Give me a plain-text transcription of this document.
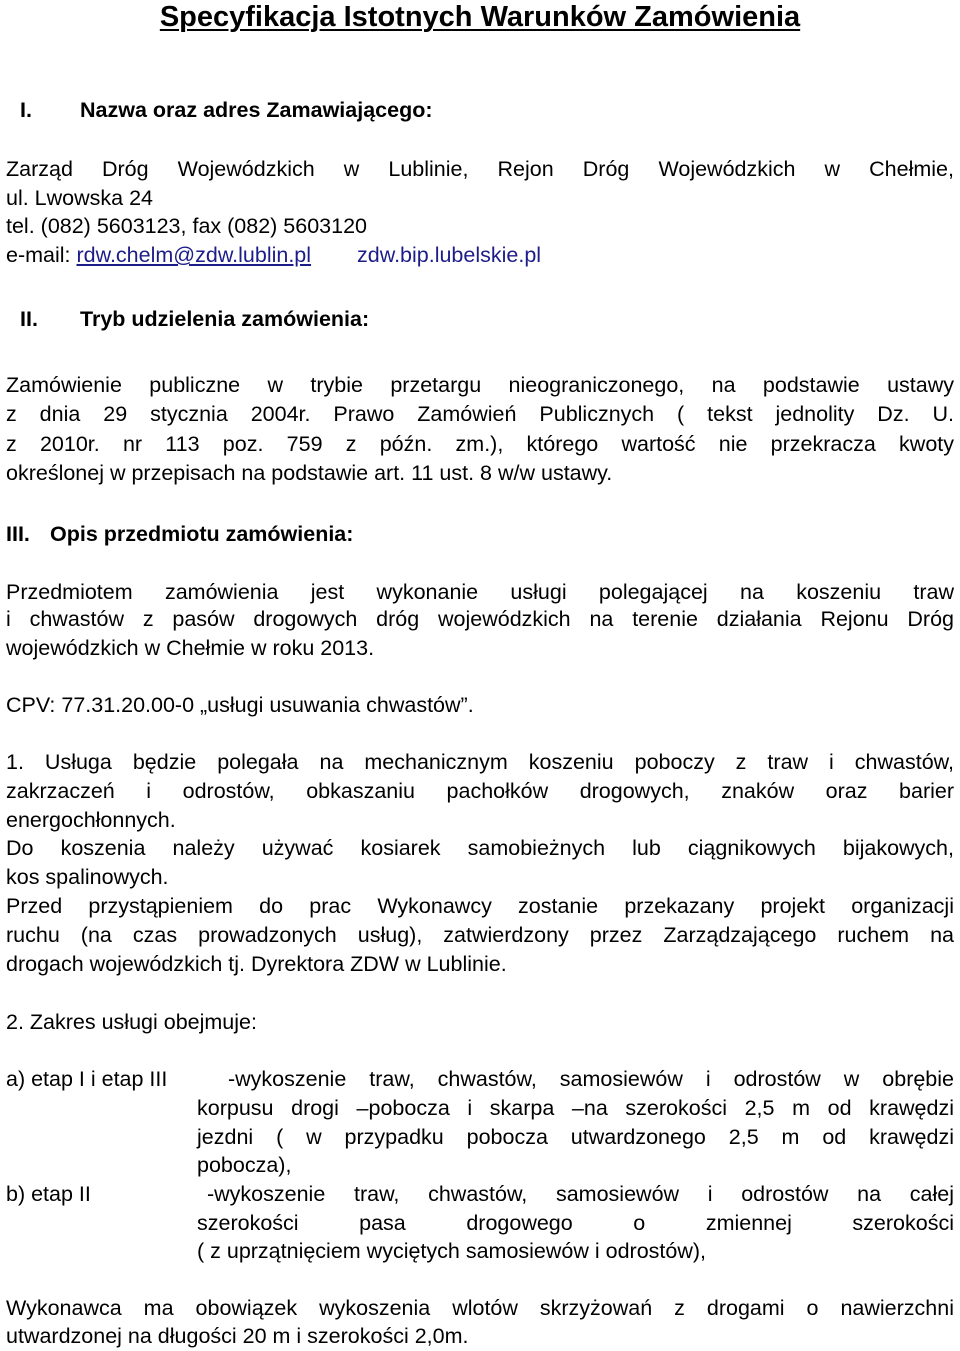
Specyfikacja Istotnych Warunków Zamówienia
I. Nazwa oraz adres Zamawiającego:

Zarząd Dróg Wojewódzkich w Lublinie, Rejon Dróg Wojewódzkich w Chełmie,

ul. Lwowska 24

tel. (082) 5603123, fax (082) 5603120

e-mail: rdw.chelm@zdw.lublin.pl zdw.bip.lubelskie.pl

II. Tryb udzielenia zamówienia:

Zamówienie publiczne w trybie przetargu nieograniczonego, na podstawie ustawy

z dnia 29 stycznia 2004r. Prawo Zamówień Publicznych ( tekst jednolity Dz. U.

z 2010r. nr 113 poz. 759 z późn. zm.), którego wartość nie przekracza kwoty

określonej w przepisach na podstawie art. 11 ust. 8 w/w ustawy.

III. Opis przedmiotu zamówienia:

Przedmiotem zamówienia jest wykonanie usługi polegającej na koszeniu traw

i chwastów z pasów drogowych dróg wojewódzkich na terenie działania Rejonu Dróg

wojewódzkich w Chełmie w roku 2013.

CPV: 77.31.20.00-0 „usługi usuwania chwastów”.

1. Usługa będzie polegała na mechanicznym koszeniu poboczy z traw i chwastów,

zakrzaczeń i odrostów, obkaszaniu pachołków drogowych, znaków oraz barier

energochłonnych.

Do koszenia należy używać kosiarek samobieżnych lub ciągnikowych bijakowych,

kos spalinowych.

Przed przystąpieniem do prac Wykonawcy zostanie przekazany projekt organizacji

ruchu (na czas prowadzonych usług), zatwierdzony przez Zarządzającego ruchem na

drogach wojewódzkich tj. Dyrektora ZDW w Lublinie.

2. Zakres usługi obejmuje:

a) etap I i etap III	-wykoszenie traw, chwastów, samosiewów i odrostów w obrębie

korpusu drogi –pobocza i skarpa –na szerokości 2,5 m od krawędzi

jezdni ( w przypadku pobocza utwardzonego 2,5 m od krawędzi

pobocza),

b) etap II	-wykoszenie traw, chwastów, samosiewów i odrostów na całej

szerokości pasa drogowego o zmiennej szerokości

( z uprzątnięciem wyciętych samosiewów i odrostów),

Wykonawca ma obowiązek wykoszenia wlotów skrzyżowań z drogami o nawierzchni

utwardzonej na długości 20 m i szerokości 2,0m.
